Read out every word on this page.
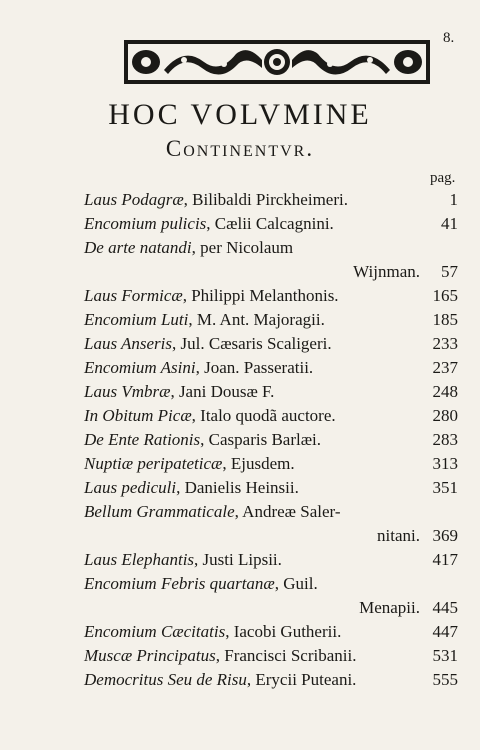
8.
HOC VOLVMINE
Continentvr.
pag.
Laus Podagræ, Bilibaldi Pirckheimeri.	1
Encomium pulicis, Cælii Calcagnini.	41
De arte natandi, per Nicolaum
Wijnman. 57
Laus Formicæ, Philippi Melanthonis.	165
Encomium Luti, M. Ant. Majoragii.	185
Laus Anseris, Jul. Cæsaris Scaligeri.	233
Encomium Asini, Joan. Passeratii.	237
Laus Vmbræ, Jani Dousæ F.	248
In Obitum Picæ, Italo quodã auctore.	280
De Ente Rationis, Casparis Barlæi.	283
Nuptiæ peripateticæ, Ejusdem.	313
Laus pediculi, Danielis Heinsii.	351
Bellum Grammaticale, Andreæ Saler-
nitani. 369
Laus Elephantis, Justi Lipsii.	417
Encomium Febris quartanæ, Guil.
Menapii. 445
Encomium Cæcitatis, Iacobi Gutherii.	447
Muscæ Principatus, Francisci Scribanii.	531
Democritus Seu de Risu, Erycii Puteani.	555
